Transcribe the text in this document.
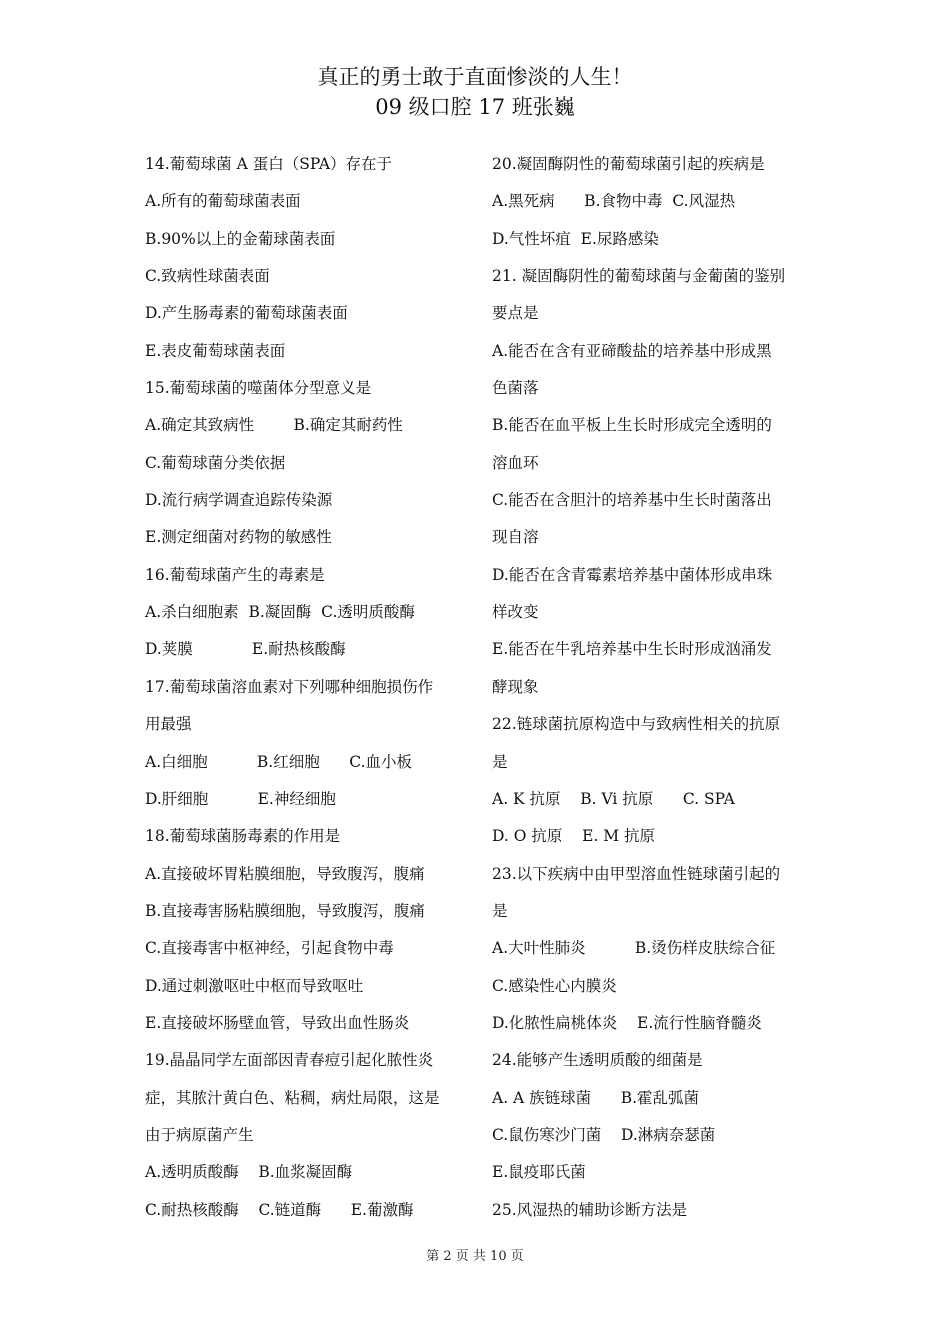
真正的勇士敢于直面惨淡的人生！
09 级口腔 17 班张巍
14.葡萄球菌 A 蛋白（SPA）存在于
A.所有的葡萄球菌表面
B.90%以上的金葡球菌表面
C.致病性球菌表面
D.产生肠毒素的葡萄球菌表面
E.表皮葡萄球菌表面
15.葡萄球菌的噬菌体分型意义是
A.确定其致病性        B.确定其耐药性
C.葡萄球菌分类依据
D.流行病学调查追踪传染源
E.测定细菌对药物的敏感性
16.葡萄球菌产生的毒素是
A.杀白细胞素  B.凝固酶  C.透明质酸酶
D.荚膜            E.耐热核酸酶
17.葡萄球菌溶血素对下列哪种细胞损伤作
用最强
A.白细胞          B.红细胞      C.血小板
D.肝细胞          E.神经细胞
18.葡萄球菌肠毒素的作用是
A.直接破坏胃粘膜细胞，导致腹泻，腹痛
B.直接毒害肠粘膜细胞，导致腹泻，腹痛
C.直接毒害中枢神经，引起食物中毒
D.通过刺激呕吐中枢而导致呕吐
E.直接破坏肠壁血管，导致出血性肠炎
19.晶晶同学左面部因青春痘引起化脓性炎
症，其脓汁黄白色、粘稠，病灶局限，这是
由于病原菌产生
A.透明质酸酶    B.血浆凝固酶
C.耐热核酸酶    C.链道酶      E.葡激酶
20.凝固酶阴性的葡萄球菌引起的疾病是
A.黑死病      B.食物中毒  C.风湿热
D.气性坏疽  E.尿路感染
21. 凝固酶阴性的葡萄球菌与金葡菌的鉴别
要点是
A.能否在含有亚碲酸盐的培养基中形成黑
色菌落
B.能否在血平板上生长时形成完全透明的
溶血环
C.能否在含胆汁的培养基中生长时菌落出
现自溶
D.能否在含青霉素培养基中菌体形成串珠
样改变
E.能否在牛乳培养基中生长时形成汹涌发
酵现象
22.链球菌抗原构造中与致病性相关的抗原
是
A. K 抗原    B. Vi 抗原      C. SPA
D. O 抗原    E. M 抗原
23.以下疾病中由甲型溶血性链球菌引起的
是
A.大叶性肺炎          B.烫伤样皮肤综合征
C.感染性心内膜炎
D.化脓性扁桃体炎    E.流行性脑脊髓炎
24.能够产生透明质酸的细菌是
A. A 族链球菌      B.霍乱弧菌
C.鼠伤寒沙门菌    D.淋病奈瑟菌
E.鼠疫耶氏菌
25.风湿热的辅助诊断方法是
第 2 页 共 10 页
